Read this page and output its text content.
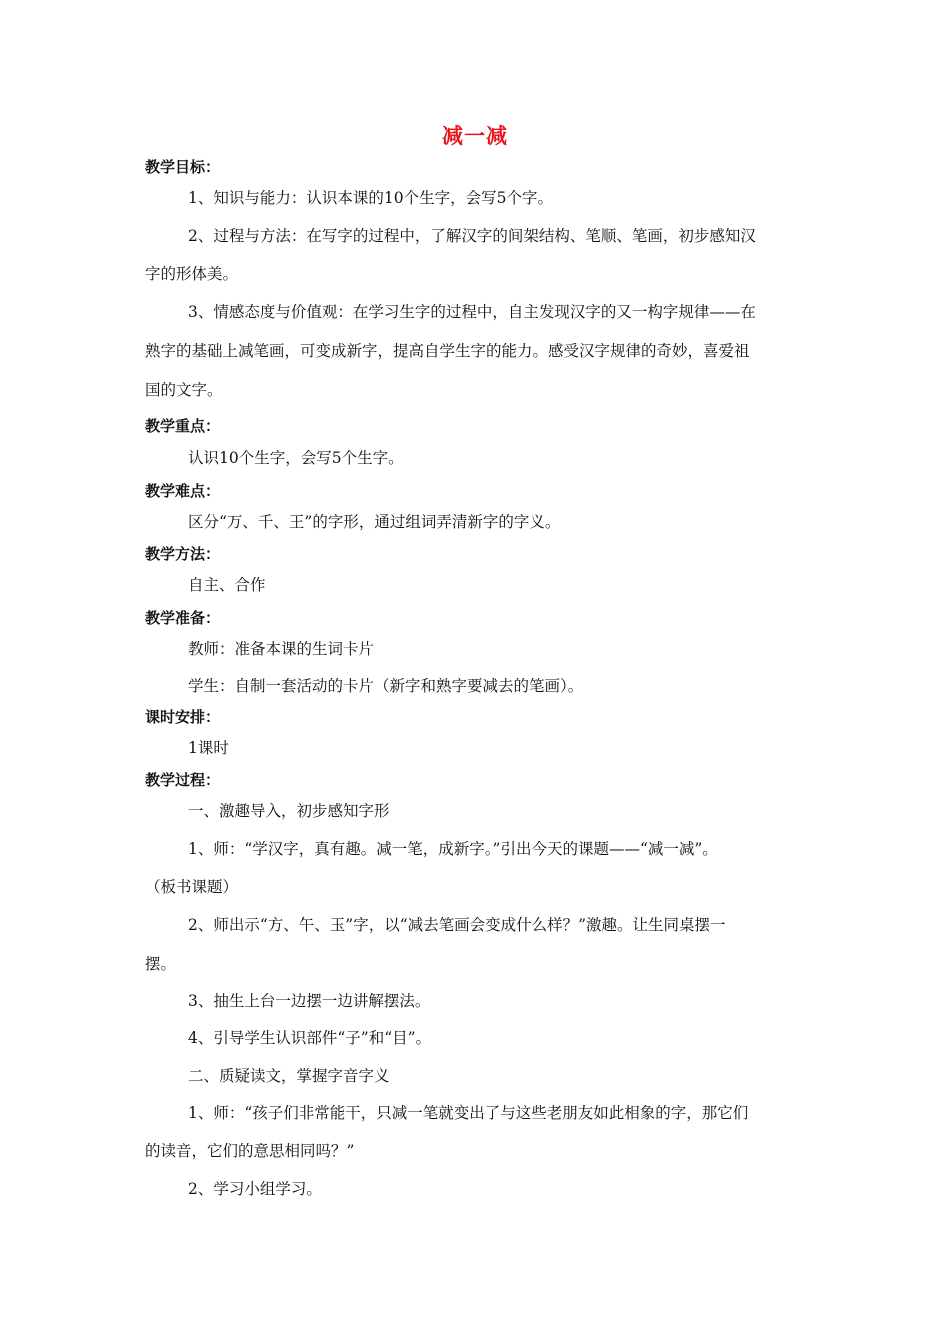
减一减
教学目标：
1、知识与能力：认识本课的10个生字，会写5个字。
2、过程与方法：在写字的过程中，了解汉字的间架结构、笔顺、笔画，初步感知汉
字的形体美。
3、情感态度与价值观：在学习生字的过程中，自主发现汉字的又一构字规律——在
熟字的基础上减笔画，可变成新字，提高自学生字的能力。感受汉字规律的奇妙，喜爱祖
国的文字。
教学重点：
认识10个生字，会写5个生字。
教学难点：
区分“万、千、王”的字形，通过组词弄清新字的字义。
教学方法：
自主、合作
教学准备：
教师：准备本课的生词卡片
学生：自制一套活动的卡片（新字和熟字要减去的笔画）。
课时安排：
1课时
教学过程：
一、激趣导入，初步感知字形
1、师：“学汉字，真有趣。减一笔，成新字。”引出今天的课题——“减一减”。
（板书课题）
2、师出示“方、午、玉”字，以“减去笔画会变成什么样？”激趣。让生同桌摆一
摆。
3、抽生上台一边摆一边讲解摆法。
4、引导学生认识部件“子”和“目”。
二、质疑读文，掌握字音字义
1、师：“孩子们非常能干，只减一笔就变出了与这些老朋友如此相象的字，那它们
的读音，它们的意思相同吗？”
2、学习小组学习。
